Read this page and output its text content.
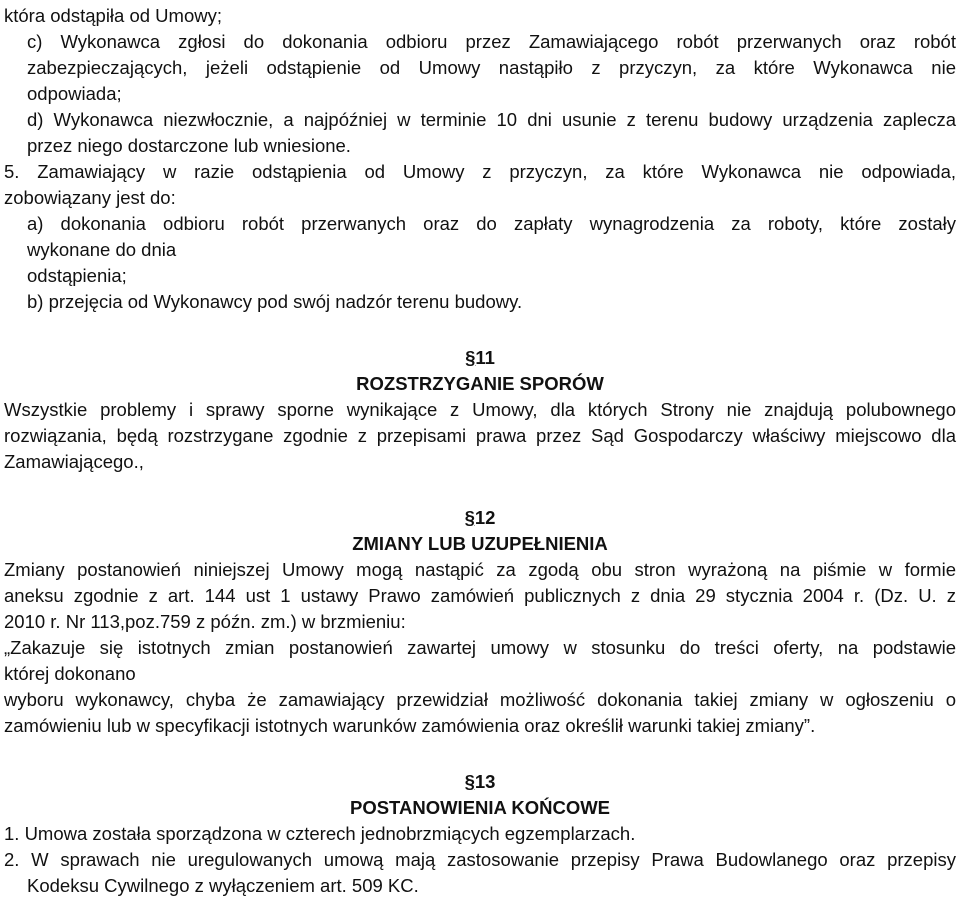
która odstąpiła od Umowy;
c) Wykonawca zgłosi do dokonania odbioru przez Zamawiającego robót przerwanych oraz robót
zabezpieczających, jeżeli odstąpienie od Umowy nastąpiło z przyczyn, za które Wykonawca nie
odpowiada;
d) Wykonawca niezwłocznie, a najpóźniej w terminie 10 dni usunie z terenu budowy urządzenia zaplecza
przez niego dostarczone lub wniesione.
5. Zamawiający w razie odstąpienia od Umowy z przyczyn, za które Wykonawca nie odpowiada,
zobowiązany jest do:
a) dokonania odbioru robót przerwanych oraz do zapłaty wynagrodzenia za roboty, które zostały
wykonane do dnia
odstąpienia;
b) przejęcia od Wykonawcy pod swój nadzór terenu budowy.
§11
ROZSTRZYGANIE SPORÓW
Wszystkie problemy i sprawy sporne wynikające z Umowy, dla których Strony nie znajdują polubownego
rozwiązania, będą rozstrzygane zgodnie z przepisami prawa przez Sąd Gospodarczy właściwy miejscowo dla
Zamawiającego.,
§12
ZMIANY LUB UZUPEŁNIENIA
Zmiany postanowień niniejszej Umowy mogą nastąpić za zgodą obu stron wyrażoną na piśmie w formie
aneksu zgodnie z art. 144 ust 1 ustawy Prawo zamówień publicznych z dnia 29 stycznia 2004 r. (Dz. U. z
2010 r. Nr 113,poz.759 z późn. zm.) w brzmieniu:
„Zakazuje się istotnych zmian postanowień zawartej umowy w stosunku do treści oferty, na podstawie
której dokonano
wyboru wykonawcy, chyba że zamawiający przewidział możliwość dokonania takiej zmiany w ogłoszeniu o
zamówieniu lub w specyfikacji istotnych warunków zamówienia oraz określił warunki takiej zmiany”.
§13
POSTANOWIENIA KOŃCOWE
1. Umowa została sporządzona w czterech jednobrzmiących egzemplarzach.
2. W sprawach nie uregulowanych umową mają zastosowanie przepisy Prawa Budowlanego oraz przepisy
Kodeksu Cywilnego z wyłączeniem art. 509 KC.
